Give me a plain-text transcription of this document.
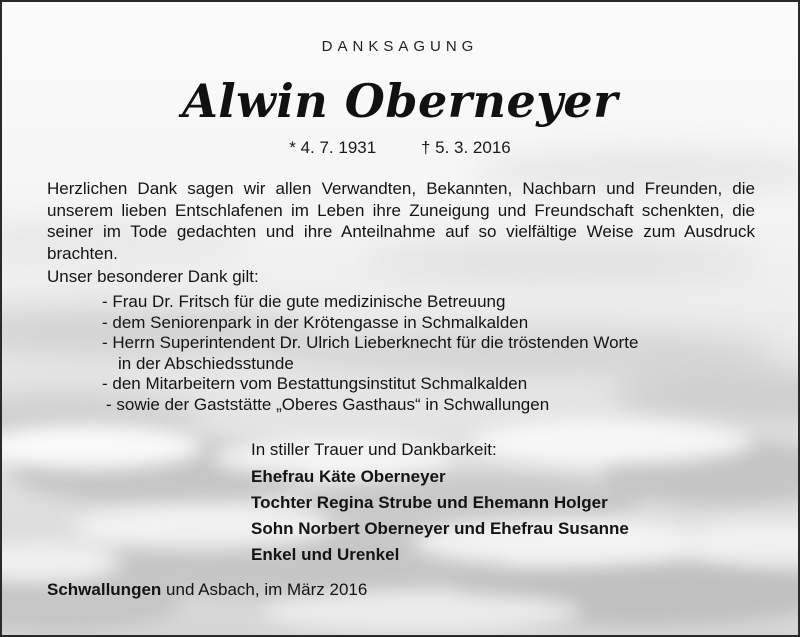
DANKSAGUNG
Alwin Oberneyer
* 4. 7. 1931	† 5. 3. 2016
Herzlichen Dank sagen wir allen Verwandten, Bekannten, Nachbarn und Freunden, die unserem lieben Entschlafenen im Leben ihre Zuneigung und Freundschaft schenkten, die seiner im Tode gedachten und ihre Anteilnahme auf so vielfältige Weise zum Ausdruck brachten.
Unser besonderer Dank gilt:
- Frau Dr. Fritsch für die gute medizinische Betreuung
- dem Seniorenpark in der Krötengasse in Schmalkalden
- Herrn Superintendent Dr. Ulrich Lieberknecht für die tröstenden Worte
in der Abschiedsstunde
- den Mitarbeitern vom Bestattungsinstitut Schmalkalden
- sowie der Gaststätte „Oberes Gasthaus“ in Schwallungen
In stiller Trauer und Dankbarkeit:
Ehefrau Käte Oberneyer
Tochter Regina Strube und Ehemann Holger
Sohn Norbert Oberneyer und Ehefrau Susanne
Enkel und Urenkel
Schwallungen und Asbach, im März 2016
